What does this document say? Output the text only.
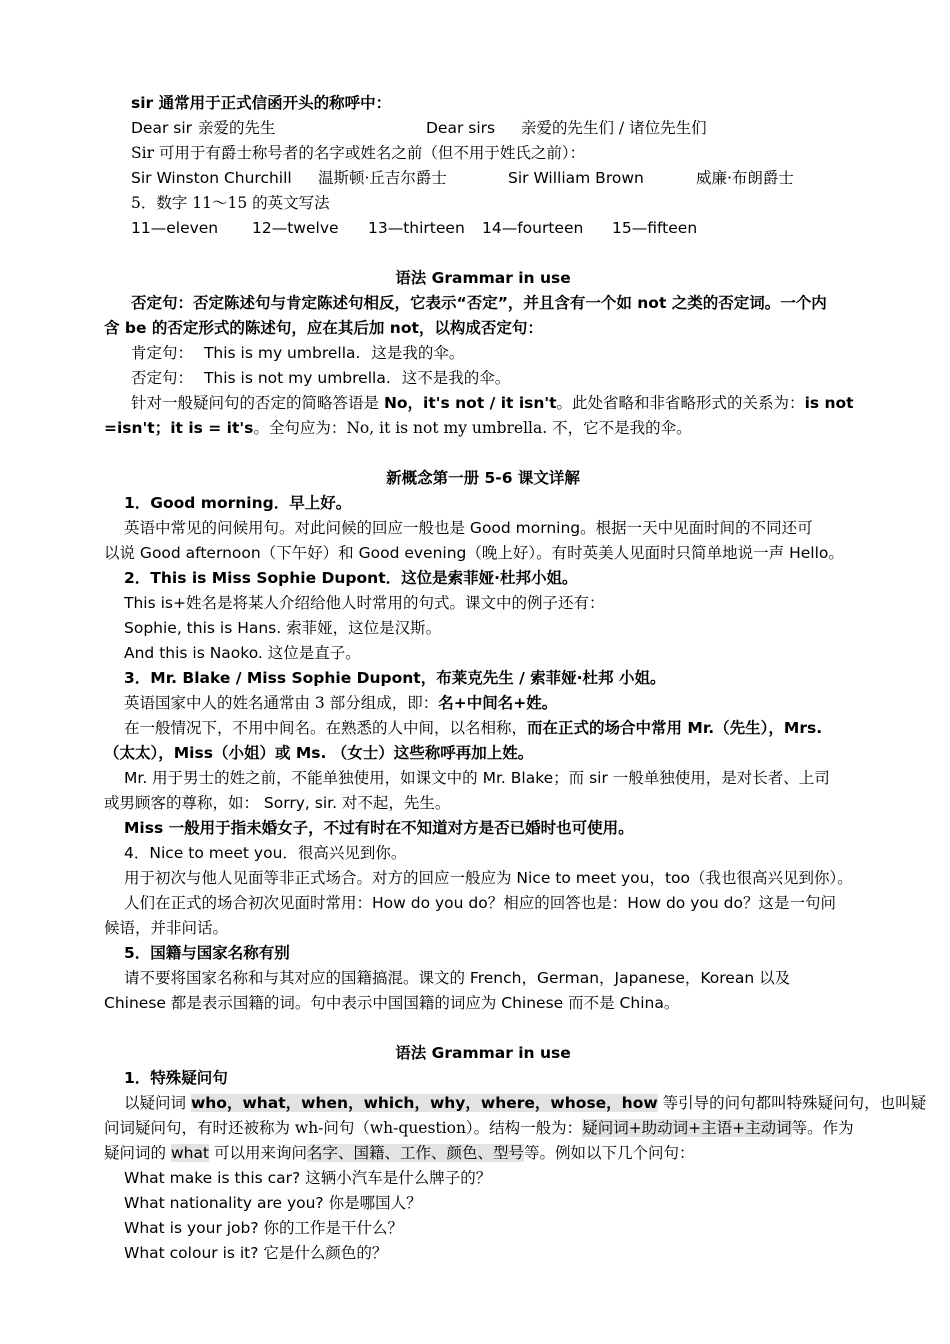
sir 通常用于正式信函开头的称呼中：
Dear sir 亲爱的先生	Dear sirs 亲爱的先生们 / 诸位先生们
Sir 可用于有爵士称号者的名字或姓名之前（但不用于姓氏之前）：
Sir Winston Churchill 温斯顿·丘吉尔爵士	Sir William Brown	威廉·布朗爵士
5．数字 11～15 的英文写法
11—eleven 12—twelve 13—thirteen 14—fourteen 15—fifteen
语法 Grammar in use
否定句：否定陈述句与肯定陈述句相反，它表示“否定”，并且含有一个如 not 之类的否定词。一个内
含 be 的否定形式的陈述句，应在其后加 not，以构成否定句：
肯定句： This is my umbrella. 这是我的伞。
否定句： This is not my umbrella. 这不是我的伞。
针对一般疑问句的否定的简略答语是 No，it's not / it isn't。此处省略和非省略形式的关系为：is not
=isn't；it is = it's。全句应为：No, it is not my umbrella. 不，它不是我的伞。
新概念第一册 5-6 课文详解
1．Good morning．早上好。
英语中常见的问候用句。对此问候的回应一般也是 Good morning。根据一天中见面时间的不同还可
以说 Good afternoon（下午好）和 Good evening（晚上好）。有时英美人见面时只简单地说一声 Hello。
2．This is Miss Sophie Dupont．这位是索菲娅·杜邦小姐。
This is+姓名是将某人介绍给他人时常用的句式。课文中的例子还有：
Sophie, this is Hans. 索菲娅，这位是汉斯。
And this is Naoko. 这位是直子。
3．Mr. Blake / Miss Sophie Dupont，布莱克先生 / 索菲娅·杜邦 小姐。
英语国家中人的姓名通常由 3 部分组成，即：名+中间名+姓。
在一般情况下，不用中间名。在熟悉的人中间，以名相称，而在正式的场合中常用 Mr.（先生），Mrs.
（太太），Miss（小姐）或 Ms. （女士）这些称呼再加上姓。
Mr. 用于男士的姓之前，不能单独使用，如课文中的 Mr. Blake；而 sir 一般单独使用，是对长者、上司
或男顾客的尊称，如： Sorry, sir. 对不起，先生。
Miss 一般用于指未婚女子，不过有时在不知道对方是否已婚时也可使用。
4．Nice to meet you．很高兴见到你。
用于初次与他人见面等非正式场合。对方的回应一般应为 Nice to meet you，too（我也很高兴见到你）。
人们在正式的场合初次见面时常用：How do you do？相应的回答也是：How do you do？这是一句问
候语，并非问话。
5．国籍与国家名称有别
请不要将国家名称和与其对应的国籍搞混。课文的 French，German，Japanese，Korean 以及
Chinese 都是表示国籍的词。句中表示中国国籍的词应为 Chinese 而不是 China。
语法 Grammar in use
1．特殊疑问句
以疑问词 who，what，when，which，why，where，whose，how 等引导的问句都叫特殊疑问句，也叫疑
问词疑问句，有时还被称为 wh-问句（wh-question）。结构一般为：疑问词+助动词+主语+主动词等。作为
疑问词的 what 可以用来询问名字、国籍、工作、颜色、型号等。例如以下几个问句：
What make is this car? 这辆小汽车是什么牌子的？
What nationality are you? 你是哪国人？
What is your job? 你的工作是干什么？
What colour is it? 它是什么颜色的？
